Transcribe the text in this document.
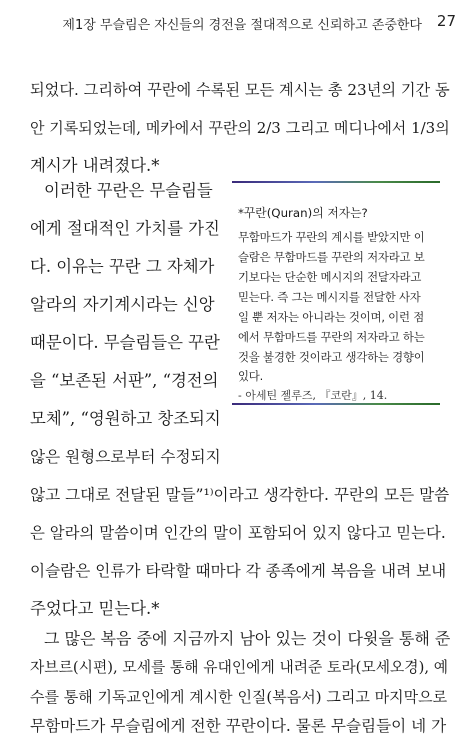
제1장 무슬림은 자신들의 경전을 절대적으로 신뢰하고 존중한다 27
되었다. 그리하여 꾸란에 수록된 모든 계시는 총 23년의 기간 동
안 기록되었는데, 메카에서 꾸란의 2/3 그리고 메디나에서 1/3의
계시가 내려졌다.*
이러한 꾸란은 무슬림들
에게 절대적인 가치를 가진
다. 이유는 꾸란 그 자체가
알라의 자기계시라는 신앙
때문이다. 무슬림들은 꾸란
을 “보존된 서판”, “경전의
모체”, “영원하고 창조되지
않은 원형으로부터 수정되지
*꾸란(Quran)의 저자는?
무함마드가 꾸란의 계시를 받았지만 이
슬람은 무함마드를 꾸란의 저자라고 보
기보다는 단순한 메시지의 전달자라고
믿는다. 즉 그는 메시지를 전달한 사자
일 뿐 저자는 아니라는 것이며, 이런 점
에서 무함마드를 꾸란의 저자라고 하는
것을 불경한 것이라고 생각하는 경향이
있다.
- 아세틴 젤루즈, 『코란』, 14.
않고 그대로 전달된 말들”¹⁾이라고 생각한다. 꾸란의 모든 말씀
은 알라의 말씀이며 인간의 말이 포함되어 있지 않다고 믿는다.
이슬람은 인류가 타락할 때마다 각 종족에게 복음을 내려 보내
주었다고 믿는다.*
그 많은 복음 중에 지금까지 남아 있는 것이 다윗을 통해 준
자브르(시편), 모세를 통해 유대인에게 내려준 토라(모세오경), 예
수를 통해 기독교인에게 계시한 인질(복음서) 그리고 마지막으로
무함마드가 무슬림에게 전한 꾸란이다. 물론 무슬림들이 네 가
